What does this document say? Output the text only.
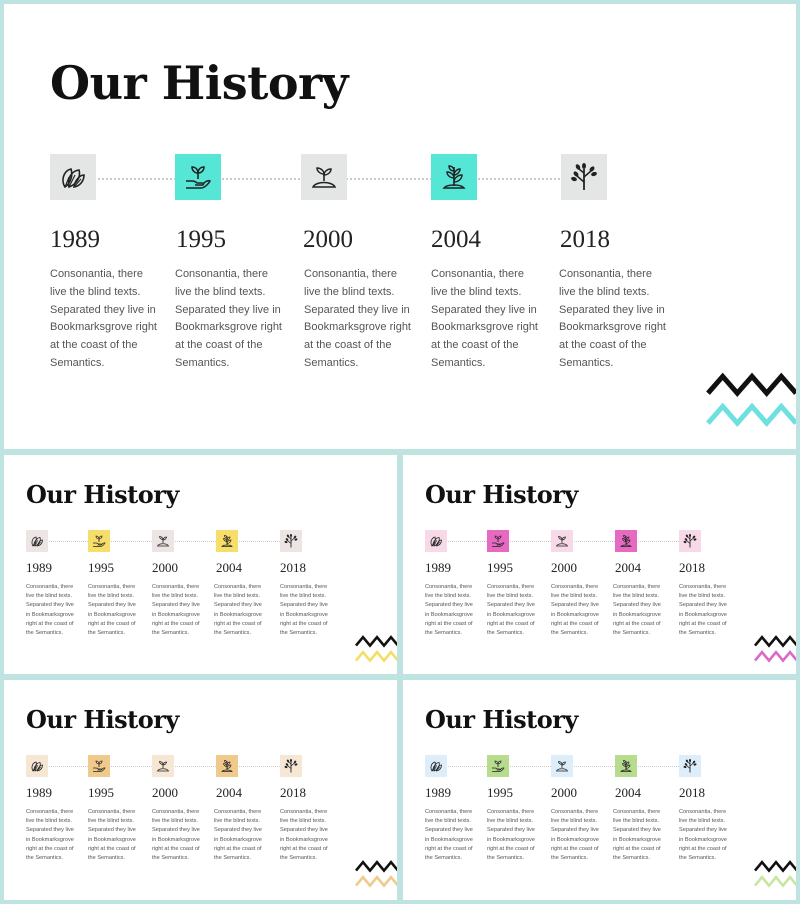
Our History

1989

Consonantia, there live the blind texts. Separated they live in Bookmarksgrove right at the coast of the Semantics.

1995

Consonantia, there live the blind texts. Separated they live in Bookmarksgrove right at the coast of the Semantics.

2000

Consonantia, there live the blind texts. Separated they live in Bookmarksgrove right at the coast of the Semantics.

2004

Consonantia, there live the blind texts. Separated they live in Bookmarksgrove right at the coast of the Semantics.

2018

Consonantia, there live the blind texts. Separated they live in Bookmarksgrove right at the coast of the Semantics.

Our History

1989

Consonantia, there live the blind texts. Separated they live in Bookmarksgrove right at the coast of the Semantics.

1995

Consonantia, there live the blind texts. Separated they live in Bookmarksgrove right at the coast of the Semantics.

2000

Consonantia, there live the blind texts. Separated they live in Bookmarksgrove right at the coast of the Semantics.

2004

Consonantia, there live the blind texts. Separated they live in Bookmarksgrove right at the coast of the Semantics.

2018

Consonantia, there live the blind texts. Separated they live in Bookmarksgrove right at the coast of the Semantics.

Our History

1989

Consonantia, there live the blind texts. Separated they live in Bookmarksgrove right at the coast of the Semantics.

1995

Consonantia, there live the blind texts. Separated they live in Bookmarksgrove right at the coast of the Semantics.

2000

Consonantia, there live the blind texts. Separated they live in Bookmarksgrove right at the coast of the Semantics.

2004

Consonantia, there live the blind texts. Separated they live in Bookmarksgrove right at the coast of the Semantics.

2018

Consonantia, there live the blind texts. Separated they live in Bookmarksgrove right at the coast of the Semantics.

Our History

1989

Consonantia, there live the blind texts. Separated they live in Bookmarksgrove right at the coast of the Semantics.

1995

Consonantia, there live the blind texts. Separated they live in Bookmarksgrove right at the coast of the Semantics.

2000

Consonantia, there live the blind texts. Separated they live in Bookmarksgrove right at the coast of the Semantics.

2004

Consonantia, there live the blind texts. Separated they live in Bookmarksgrove right at the coast of the Semantics.

2018

Consonantia, there live the blind texts. Separated they live in Bookmarksgrove right at the coast of the Semantics.

Our History

1989

Consonantia, there live the blind texts. Separated they live in Bookmarksgrove right at the coast of the Semantics.

1995

Consonantia, there live the blind texts. Separated they live in Bookmarksgrove right at the coast of the Semantics.

2000

Consonantia, there live the blind texts. Separated they live in Bookmarksgrove right at the coast of the Semantics.

2004

Consonantia, there live the blind texts. Separated they live in Bookmarksgrove right at the coast of the Semantics.

2018

Consonantia, there live the blind texts. Separated they live in Bookmarksgrove right at the coast of the Semantics.
